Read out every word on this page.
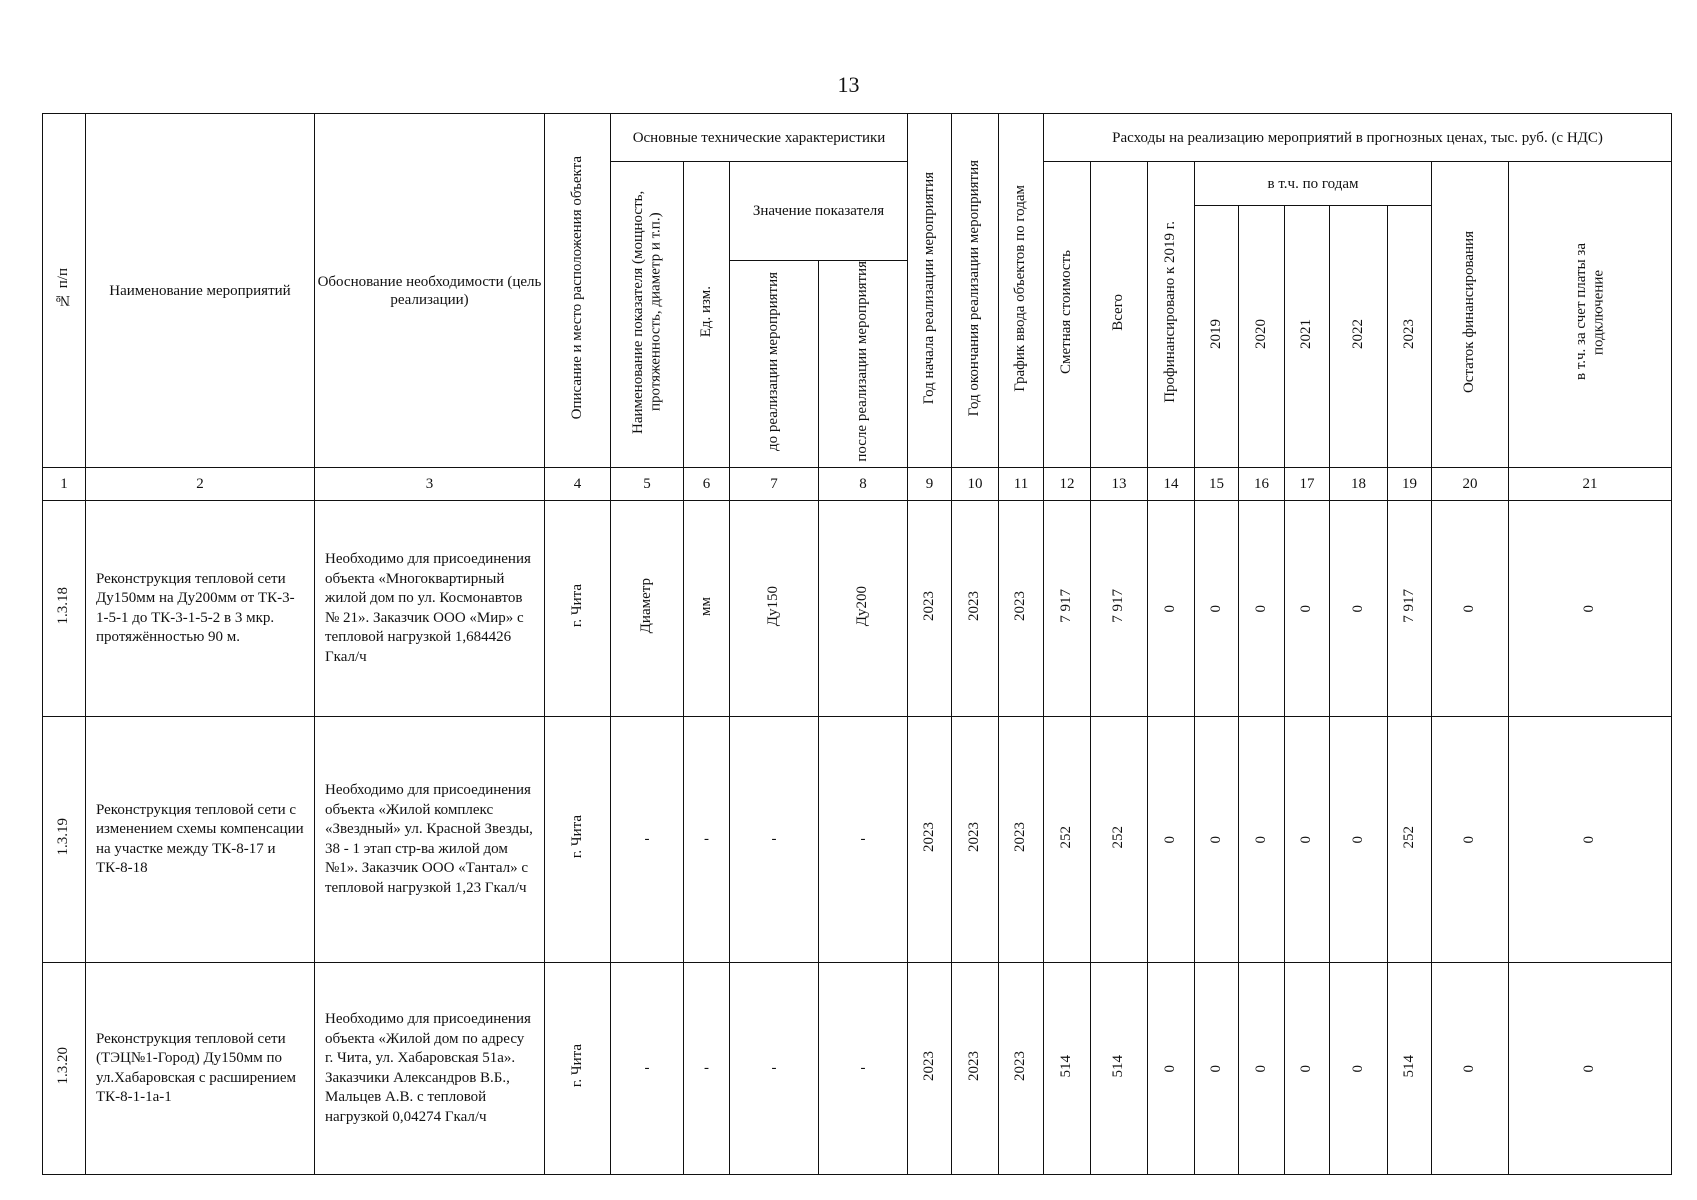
13
№ п/п	Наименование мероприятий	Обоснование необходимости (цель реализации)	Описание и место расположения объекта	Основные технические характеристики				Год начала реализации мероприятия	Год окончания реализации мероприятия	График ввода объектов по годам	Расходы на реализацию мероприятий в прогнозных ценах, тыс. руб. (с НДС)									
				Наименование показателя (мощность, протяженность, диаметр и т.п.)	Ед. изм.	Значение показателя					Сметная стоимость	Всего	Профинансировано к 2019 г.	в т.ч. по годам					Остаток финансирования	в т.ч. за счет платы за подключение
														2019	2020	2021	2022	2023		
						до реализации мероприятия	после реализации мероприятия													
1	2	3	4	5	6	7	8	9	10	11	12	13	14	15	16	17	18	19	20	21
1.3.18	Реконструкция тепловой сети Ду150мм на Ду200мм от ТК-3-1-5-1 до ТК-3-1-5-2 в 3 мкр. протяжённостью 90 м.	Необходимо для присоединения объекта «Многоквартирный жилой дом по ул. Космонавтов № 21». Заказчик ООО «Мир» с тепловой нагрузкой 1,684426 Гкал/ч	г. Чита	Диаметр	мм	Ду150	Ду200	2023	2023	2023	7 917	7 917	0	0	0	0	0	7 917	0	0
1.3.19	Реконструкция тепловой сети с изменением схемы компенсации на участке между ТК-8-17 и ТК-8-18	Необходимо для присоединения объекта «Жилой комплекс «Звездный» ул. Красной Звезды, 38 - 1 этап стр-ва жилой дом №1». Заказчик ООО «Тантал» с тепловой нагрузкой 1,23 Гкал/ч	г. Чита	-	-	-	-	2023	2023	2023	252	252	0	0	0	0	0	252	0	0
1.3.20	Реконструкция тепловой сети (ТЭЦ№1-Город) Ду150мм по ул.Хабаровская с расширением ТК-8-1-1а-1	Необходимо для присоединения объекта «Жилой дом по адресу г. Чита, ул. Хабаровская 51а». Заказчики Александров В.Б., Мальцев А.В. с тепловой нагрузкой 0,04274 Гкал/ч	г. Чита	-	-	-	-	2023	2023	2023	514	514	0	0	0	0	0	514	0	0
